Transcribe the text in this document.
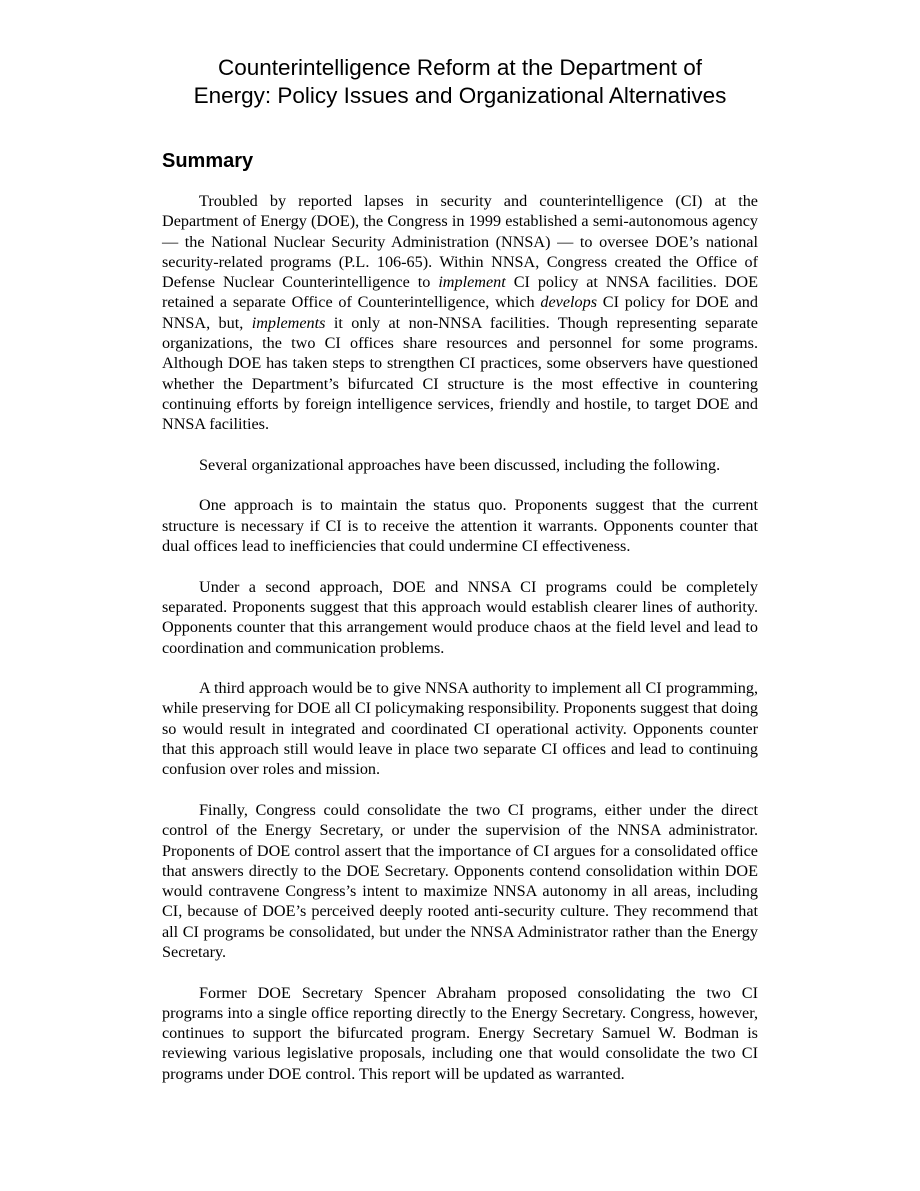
Counterintelligence Reform at the Department of
Energy: Policy Issues and Organizational Alternatives
Summary

Troubled by reported lapses in security and counterintelligence (CI) at the Department of Energy (DOE), the Congress in 1999 established a semi-autonomous agency — the National Nuclear Security Administration (NNSA) — to oversee DOE’s national security-related programs (P.L. 106-65). Within NNSA, Congress created the Office of Defense Nuclear Counterintelligence to implement CI policy at NNSA facilities. DOE retained a separate Office of Counterintelligence, which develops CI policy for DOE and NNSA, but, implements it only at non-NNSA facilities. Though representing separate organizations, the two CI offices share resources and personnel for some programs. Although DOE has taken steps to strengthen CI practices, some observers have questioned whether the Department’s bifurcated CI structure is the most effective in countering continuing efforts by foreign intelligence services, friendly and hostile, to target DOE and NNSA facilities.

Several organizational approaches have been discussed, including the following.

One approach is to maintain the status quo. Proponents suggest that the current structure is necessary if CI is to receive the attention it warrants. Opponents counter that dual offices lead to inefficiencies that could undermine CI effectiveness.

Under a second approach, DOE and NNSA CI programs could be completely separated. Proponents suggest that this approach would establish clearer lines of authority. Opponents counter that this arrangement would produce chaos at the field level and lead to coordination and communication problems.

A third approach would be to give NNSA authority to implement all CI programming, while preserving for DOE all CI policymaking responsibility. Proponents suggest that doing so would result in integrated and coordinated CI operational activity. Opponents counter that this approach still would leave in place two separate CI offices and lead to continuing confusion over roles and mission.

Finally, Congress could consolidate the two CI programs, either under the direct control of the Energy Secretary, or under the supervision of the NNSA administrator. Proponents of DOE control assert that the importance of CI argues for a consolidated office that answers directly to the DOE Secretary. Opponents contend consolidation within DOE would contravene Congress’s intent to maximize NNSA autonomy in all areas, including CI, because of DOE’s perceived deeply rooted anti-security culture. They recommend that all CI programs be consolidated, but under the NNSA Administrator rather than the Energy Secretary.

Former DOE Secretary Spencer Abraham proposed consolidating the two CI programs into a single office reporting directly to the Energy Secretary. Congress, however, continues to support the bifurcated program. Energy Secretary Samuel W. Bodman is reviewing various legislative proposals, including one that would consolidate the two CI programs under DOE control. This report will be updated as warranted.
